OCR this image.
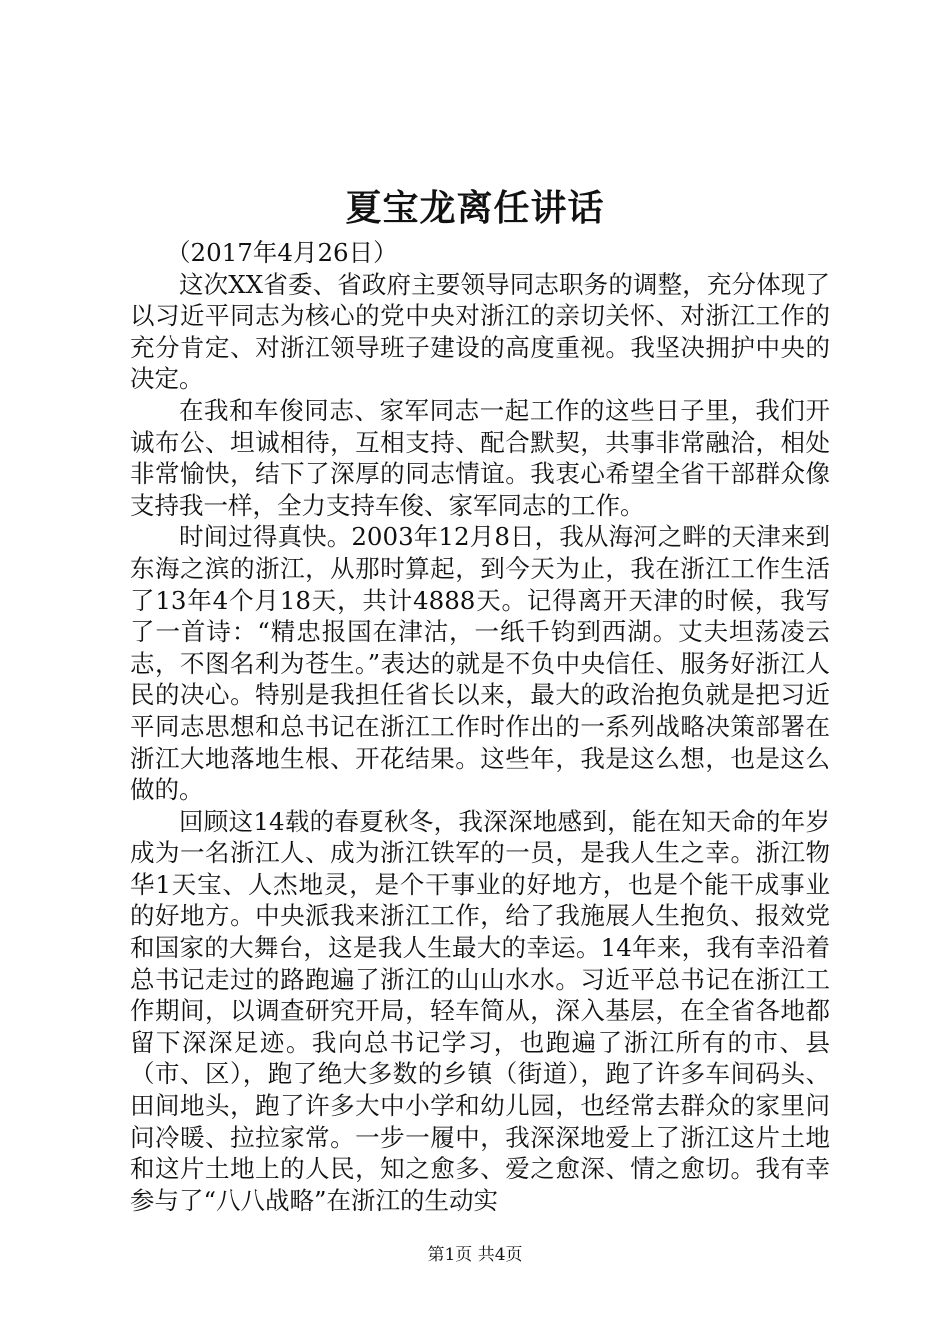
夏宝龙离任讲话

（2017年4月26日）

这次XX省委、省政府主要领导同志职务的调整，充分体现了以习近平同志为核心的党中央对浙江的亲切关怀、对浙江工作的充分肯定、对浙江领导班子建设的高度重视。我坚决拥护中央的决定。

在我和车俊同志、家军同志一起工作的这些日子里，我们开诚布公、坦诚相待，互相支持、配合默契，共事非常融洽，相处非常愉快，结下了深厚的同志情谊。我衷心希望全省干部群众像支持我一样，全力支持车俊、家军同志的工作。

时间过得真快。2003年12月8日，我从海河之畔的天津来到东海之滨的浙江，从那时算起，到今天为止，我在浙江工作生活了13年4个月18天，共计4888天。记得离开天津的时候，我写了一首诗：“精忠报国在津沽，一纸千钧到西湖。丈夫坦荡凌云志，不图名利为苍生。”表达的就是不负中央信任、服务好浙江人民的决心。特别是我担任省长以来，最大的政治抱负就是把习近平同志思想和总书记在浙江工作时作出的一系列战略决策部署在浙江大地落地生根、开花结果。这些年，我是这么想，也是这么做的。

回顾这14载的春夏秋冬，我深深地感到，能在知天命的年岁成为一名浙江人、成为浙江铁军的一员，是我人生之幸。浙江物华1天宝、人杰地灵，是个干事业的好地方，也是个能干成事业的好地方。中央派我来浙江工作，给了我施展人生抱负、报效党和国家的大舞台，这是我人生最大的幸运。14年来，我有幸沿着总书记走过的路跑遍了浙江的山山水水。习近平总书记在浙江工作期间，以调查研究开局，轻车简从，深入基层，在全省各地都留下深深足迹。我向总书记学习，也跑遍了浙江所有的市、县（市、区），跑了绝大多数的乡镇（街道），跑了许多车间码头、田间地头，跑了许多大中小学和幼儿园，也经常去群众的家里问问冷暖、拉拉家常。一步一履中，我深深地爱上了浙江这片土地和这片土地上的人民，知之愈多、爱之愈深、情之愈切。我有幸参与了“八八战略”在浙江的生动实

第1页 共4页
